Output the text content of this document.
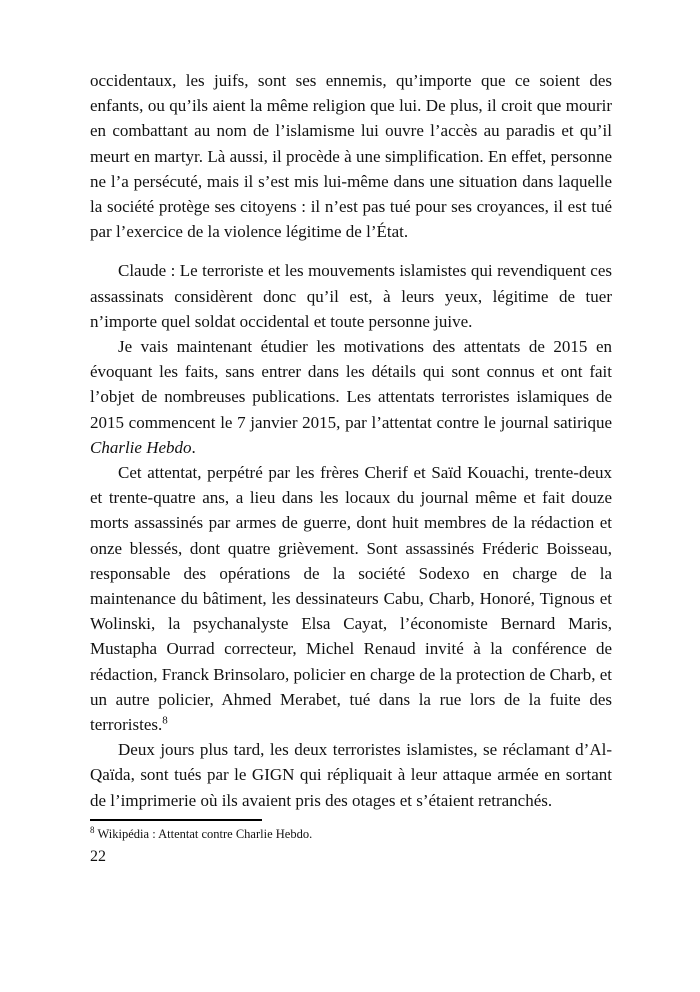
occidentaux, les juifs, sont ses ennemis, qu’importe que ce soient des enfants, ou qu’ils aient la même religion que lui. De plus, il croit que mourir en combattant au nom de l’islamisme lui ouvre l’accès au paradis et qu’il meurt en martyr. Là aussi, il procède à une simplification. En effet, personne ne l’a persécuté, mais il s’est mis lui-même dans une situation dans laquelle la société protège ses citoyens : il n’est pas tué pour ses croyances, il est tué par l’exercice de la violence légitime de l’État.

Claude : Le terroriste et les mouvements islamistes qui revendiquent ces assassinats considèrent donc qu’il est, à leurs yeux, légitime de tuer n’importe quel soldat occidental et toute personne juive.

Je vais maintenant étudier les motivations des attentats de 2015 en évoquant les faits, sans entrer dans les détails qui sont connus et ont fait l’objet de nombreuses publications. Les attentats terroristes islamiques de 2015 commencent le 7 janvier 2015, par l’attentat contre le journal satirique Charlie Hebdo.

Cet attentat, perpétré par les frères Cherif et Saïd Kouachi, trente-deux et trente-quatre ans, a lieu dans les locaux du journal même et fait douze morts assassinés par armes de guerre, dont huit membres de la rédaction et onze blessés, dont quatre grièvement. Sont assassinés Fréderic Boisseau, responsable des opérations de la société Sodexo en charge de la maintenance du bâtiment, les dessinateurs Cabu, Charb, Honoré, Tignous et Wolinski, la psychanalyste Elsa Cayat, l’économiste Bernard Maris, Mustapha Ourrad correcteur, Michel Renaud invité à la conférence de rédaction, Franck Brinsolaro, policier en charge de la protection de Charb, et un autre policier, Ahmed Merabet, tué dans la rue lors de la fuite des terroristes.$^8$

Deux jours plus tard, les deux terroristes islamistes, se réclamant d’Al-Qaïda, sont tués par le GIGN qui répliquait à leur attaque armée en sortant de l’imprimerie où ils avaient pris des otages et s’étaient retranchés.

$^8$ Wikipédia : Attentat contre Charlie Hebdo.

22
